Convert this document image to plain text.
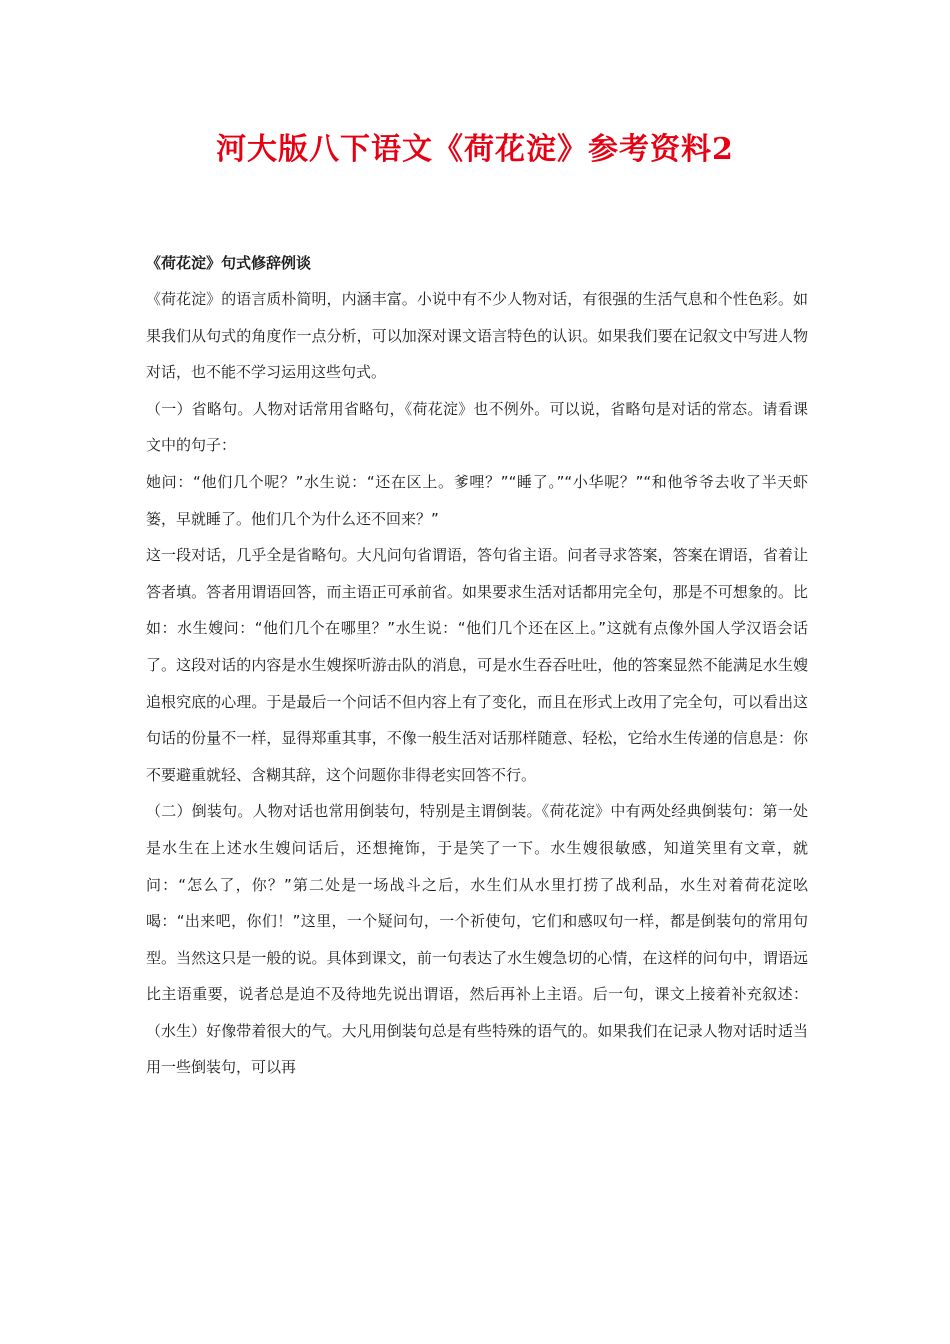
河大版八下语文《荷花淀》参考资料2

《荷花淀》句式修辞例谈

《荷花淀》的语言质朴简明，内涵丰富。小说中有不少人物对话，有很强的生活气息和个性色彩。如果我们从句式的角度作一点分析，可以加深对课文语言特色的认识。如果我们要在记叙文中写进人物对话，也不能不学习运用这些句式。

（一）省略句。人物对话常用省略句，《荷花淀》也不例外。可以说，省略句是对话的常态。请看课文中的句子：

她问：“他们几个呢？”水生说：“还在区上。爹哩？”“睡了。”“小华呢？”“和他爷爷去收了半天虾篓，早就睡了。他们几个为什么还不回来？”

这一段对话，几乎全是省略句。大凡问句省谓语，答句省主语。问者寻求答案，答案在谓语，省着让答者填。答者用谓语回答，而主语正可承前省。如果要求生活对话都用完全句，那是不可想象的。比如：水生嫂问：“他们几个在哪里？”水生说：“他们几个还在区上。”这就有点像外国人学汉语会话了。这段对话的内容是水生嫂探听游击队的消息，可是水生吞吞吐吐，他的答案显然不能满足水生嫂追根究底的心理。于是最后一个问话不但内容上有了变化，而且在形式上改用了完全句，可以看出这句话的份量不一样，显得郑重其事，不像一般生活对话那样随意、轻松，它给水生传递的信息是：你不要避重就轻、含糊其辞，这个问题你非得老实回答不行。

（二）倒装句。人物对话也常用倒装句，特别是主谓倒装。《荷花淀》中有两处经典倒装句：第一处是水生在上述水生嫂问话后，还想掩饰，于是笑了一下。水生嫂很敏感，知道笑里有文章，就问：“怎么了，你？”第二处是一场战斗之后，水生们从水里打捞了战利品，水生对着荷花淀吆喝：“出来吧，你们！”这里，一个疑问句，一个祈使句，它们和感叹句一样，都是倒装句的常用句型。当然这只是一般的说。具体到课文，前一句表达了水生嫂急切的心情，在这样的问句中，谓语远比主语重要，说者总是迫不及待地先说出谓语，然后再补上主语。后一句，课文上接着补充叙述：（水生）好像带着很大的气。大凡用倒装句总是有些特殊的语气的。如果我们在记录人物对话时适当用一些倒装句，可以再
